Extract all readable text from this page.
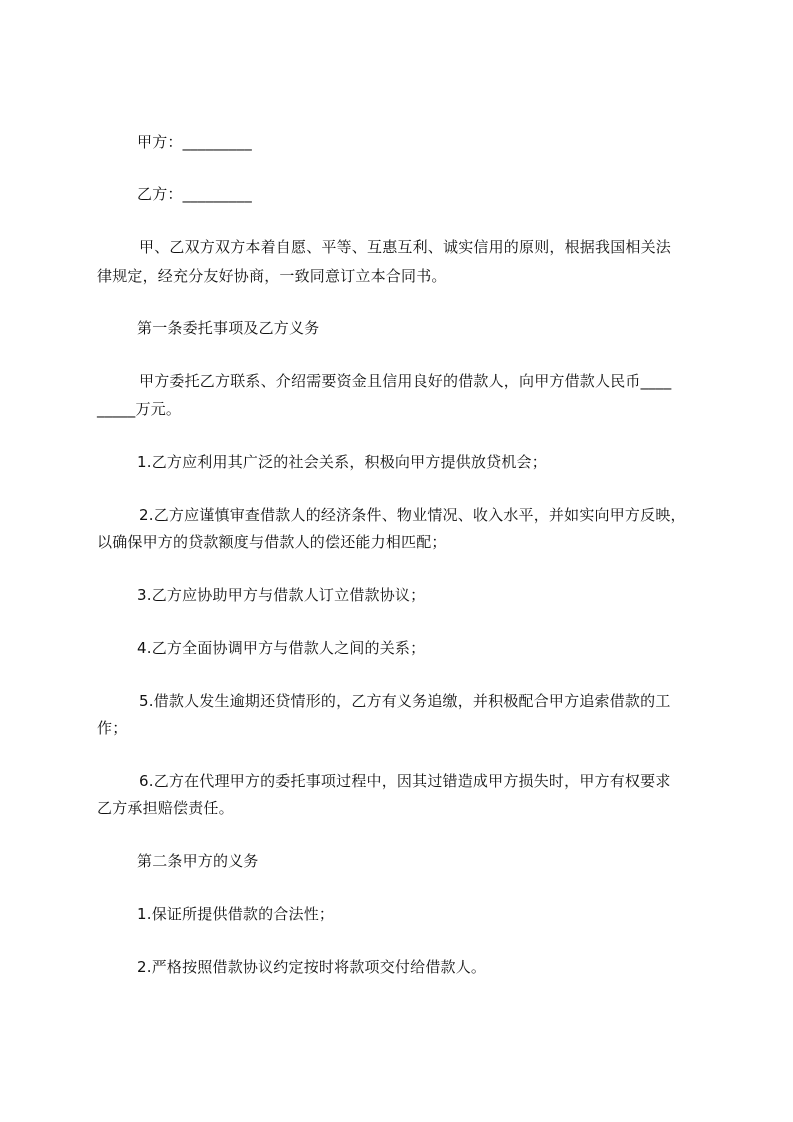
甲方：_________
乙方：_________
甲、乙双方双方本着自愿、平等、互惠互利、诚实信用的原则，根据我国相关法
律规定，经充分友好协商，一致同意订立本合同书。
第一条委托事项及乙方义务
甲方委托乙方联系、介绍需要资金且信用良好的借款人，向甲方借款人民币____
_____万元。
1.乙方应利用其广泛的社会关系，积极向甲方提供放贷机会；
2.乙方应谨慎审查借款人的经济条件、物业情况、收入水平，并如实向甲方反映，
以确保甲方的贷款额度与借款人的偿还能力相匹配；
3.乙方应协助甲方与借款人订立借款协议；
4.乙方全面协调甲方与借款人之间的关系；
5.借款人发生逾期还贷情形的，乙方有义务追缴，并积极配合甲方追索借款的工
作；
6.乙方在代理甲方的委托事项过程中，因其过错造成甲方损失时，甲方有权要求
乙方承担赔偿责任。
第二条甲方的义务
1.保证所提供借款的合法性；
2.严格按照借款协议约定按时将款项交付给借款人。
